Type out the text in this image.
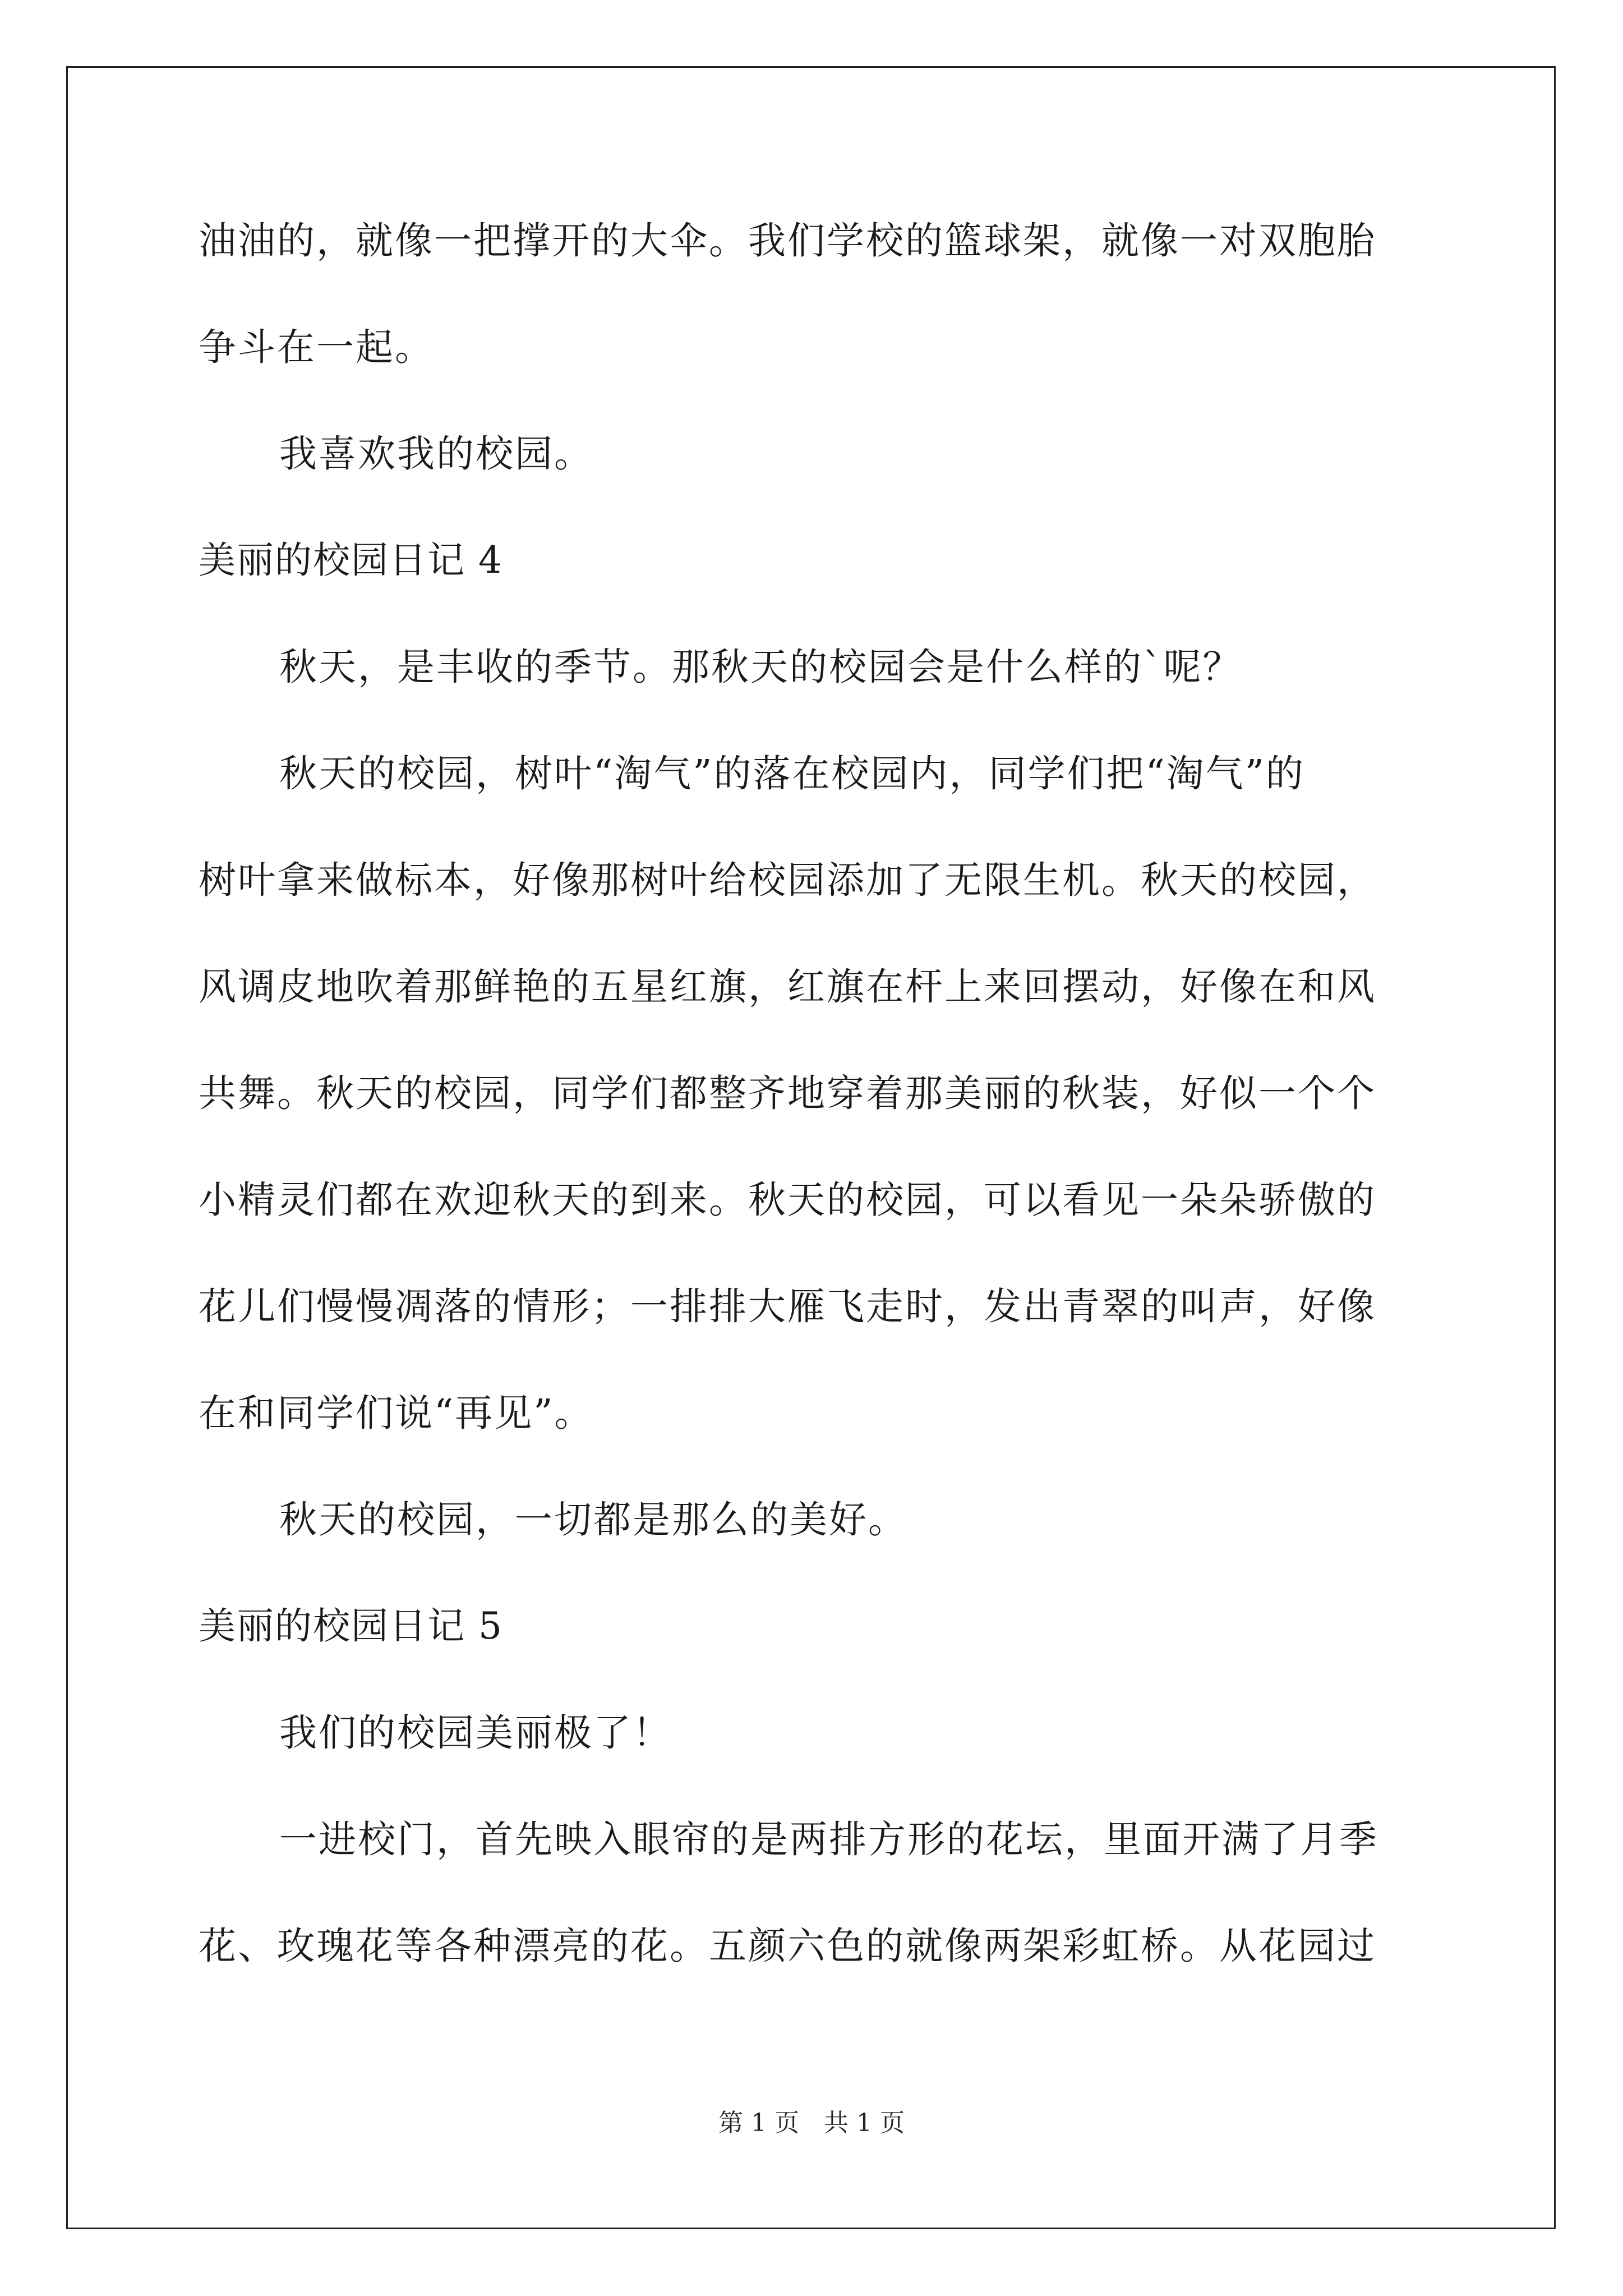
油油的，就像一把撑开的大伞。我们学校的篮球架，就像一对双胞胎
争斗在一起。
我喜欢我的校园。
美丽的校园日记 4
秋天，是丰收的季节。那秋天的校园会是什么样的`呢？
秋天的校园，树叶“淘气”的落在校园内，同学们把“淘气”的
树叶拿来做标本，好像那树叶给校园添加了无限生机。秋天的校园，
风调皮地吹着那鲜艳的五星红旗，红旗在杆上来回摆动，好像在和风
共舞。秋天的校园，同学们都整齐地穿着那美丽的秋装，好似一个个
小精灵们都在欢迎秋天的到来。秋天的校园，可以看见一朵朵骄傲的
花儿们慢慢凋落的情形；一排排大雁飞走时，发出青翠的叫声，好像
在和同学们说“再见”。
秋天的校园，一切都是那么的美好。
美丽的校园日记 5
我们的校园美丽极了！
一进校门，首先映入眼帘的是两排方形的花坛，里面开满了月季
花、玫瑰花等各种漂亮的花。五颜六色的就像两架彩虹桥。从花园过
第 1 页　共 1 页
